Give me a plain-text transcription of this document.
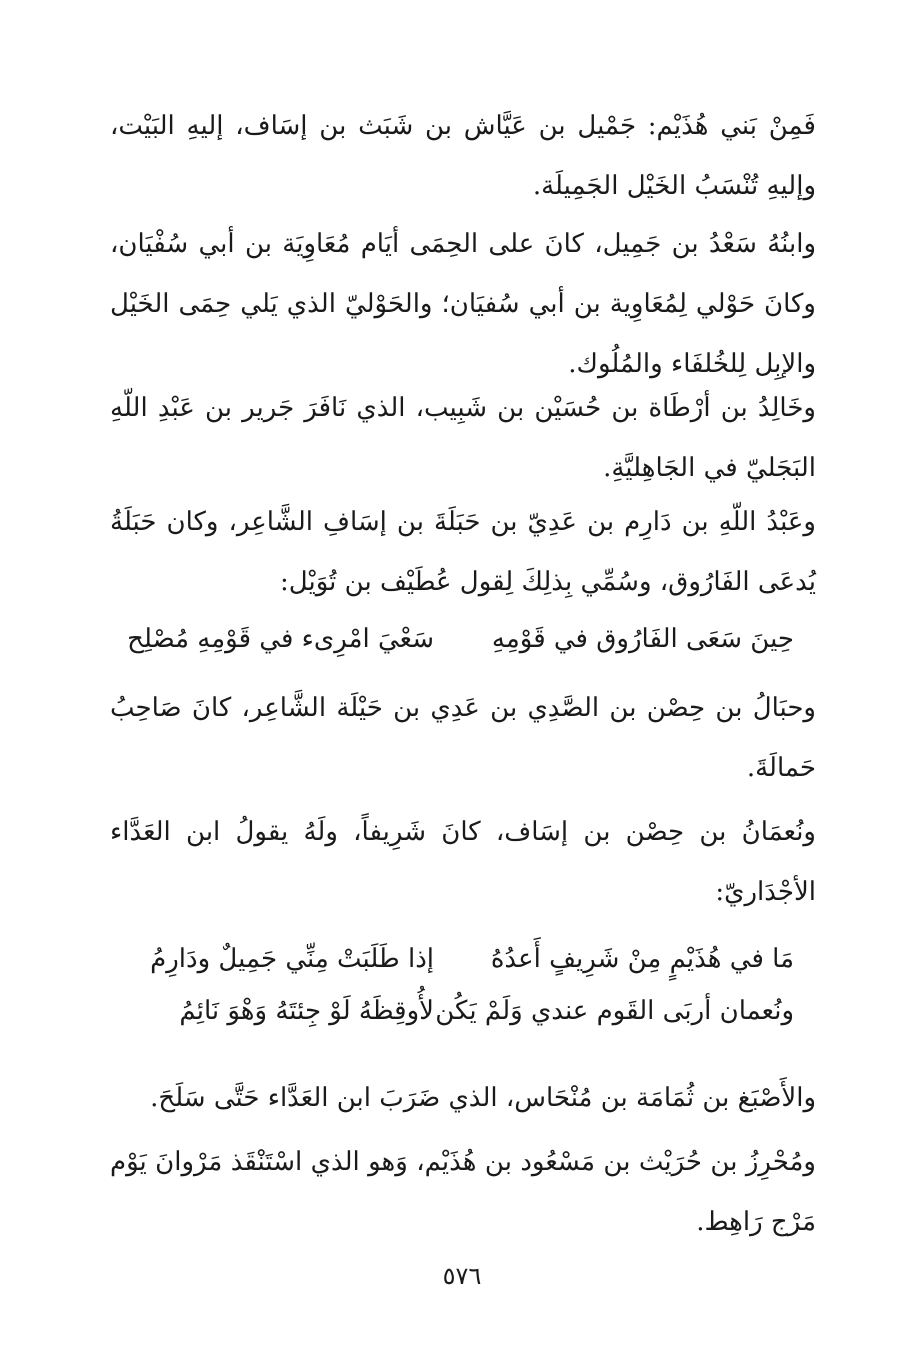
فَمِنْ بَني هُذَيْم: جَمْيل بن عَيَّاش بن شَبَث بن إسَاف، إليهِ البَيْت، وإليهِ تُنْسَبُ الخَيْل الجَمِيلَة.

وابنُهُ سَعْدُ بن جَمِيل، كانَ على الحِمَى أيَام مُعَاوِيَة بن أبي سُفْيَان، وكانَ حَوْلي لِمُعَاوِية بن أبي سُفيَان؛ والحَوْليّ الذي يَلي حِمَى الخَيْل والإبِل لِلخُلفَاء والمُلُوك.

وخَالِدُ بن أرْطَاة بن حُسَيْن بن شَبِيب، الذي نَافَرَ جَرير بن عَبْدِ اللّهِ البَجَليّ في الجَاهِليَّةِ.

وعَبْدُ اللّهِ بن دَارِم بن عَدِيّ بن حَبَلَةَ بن إسَافِ الشَّاعِر، وكان حَبَلَةُ يُدعَى الفَارُوق، وسُمِّي بِذلِكَ لِقول عُطَيْف بن تُوَيْل:

حِينَ سَعَى الفَارُوق في قَوْمِهِ
سَعْيَ امْرِىء في قَوْمِهِ مُصْلِح

وحبَالُ بن حِصْن بن الصَّدِي بن عَدِي بن حَيْلَة الشَّاعِر، كانَ صَاحِبُ حَمالَةَ.

ونُعمَانُ بن حِصْن بن إسَاف، كانَ شَرِيفاً، ولَهُ يقولُ ابن العَدَّاء الأجْدَاريّ:

مَا في هُذَيْمٍ مِنْ شَرِيفٍ أَعدُهُ
إذا طَلَبَتْ مِنِّي جَمِيلٌ ودَارِمُ
ونُعمان أربَى القَوم عندي وَلَمْ يَكُن
لأُوقِظَهُ لَوْ جِئتَهُ وَهْوَ نَائِمُ

والأَصْبَغ بن ثُمَامَة بن مُنْحَاس، الذي ضَرَبَ ابن العَدَّاء حَتَّى سَلَحَ.

ومُحْرِزُ بن حُرَيْث بن مَسْعُود بن هُذَيْم، وَهو الذي اسْتَنْقَذ مَرْوانَ يَوْم مَرْج رَاهِط.

٥٧٦
